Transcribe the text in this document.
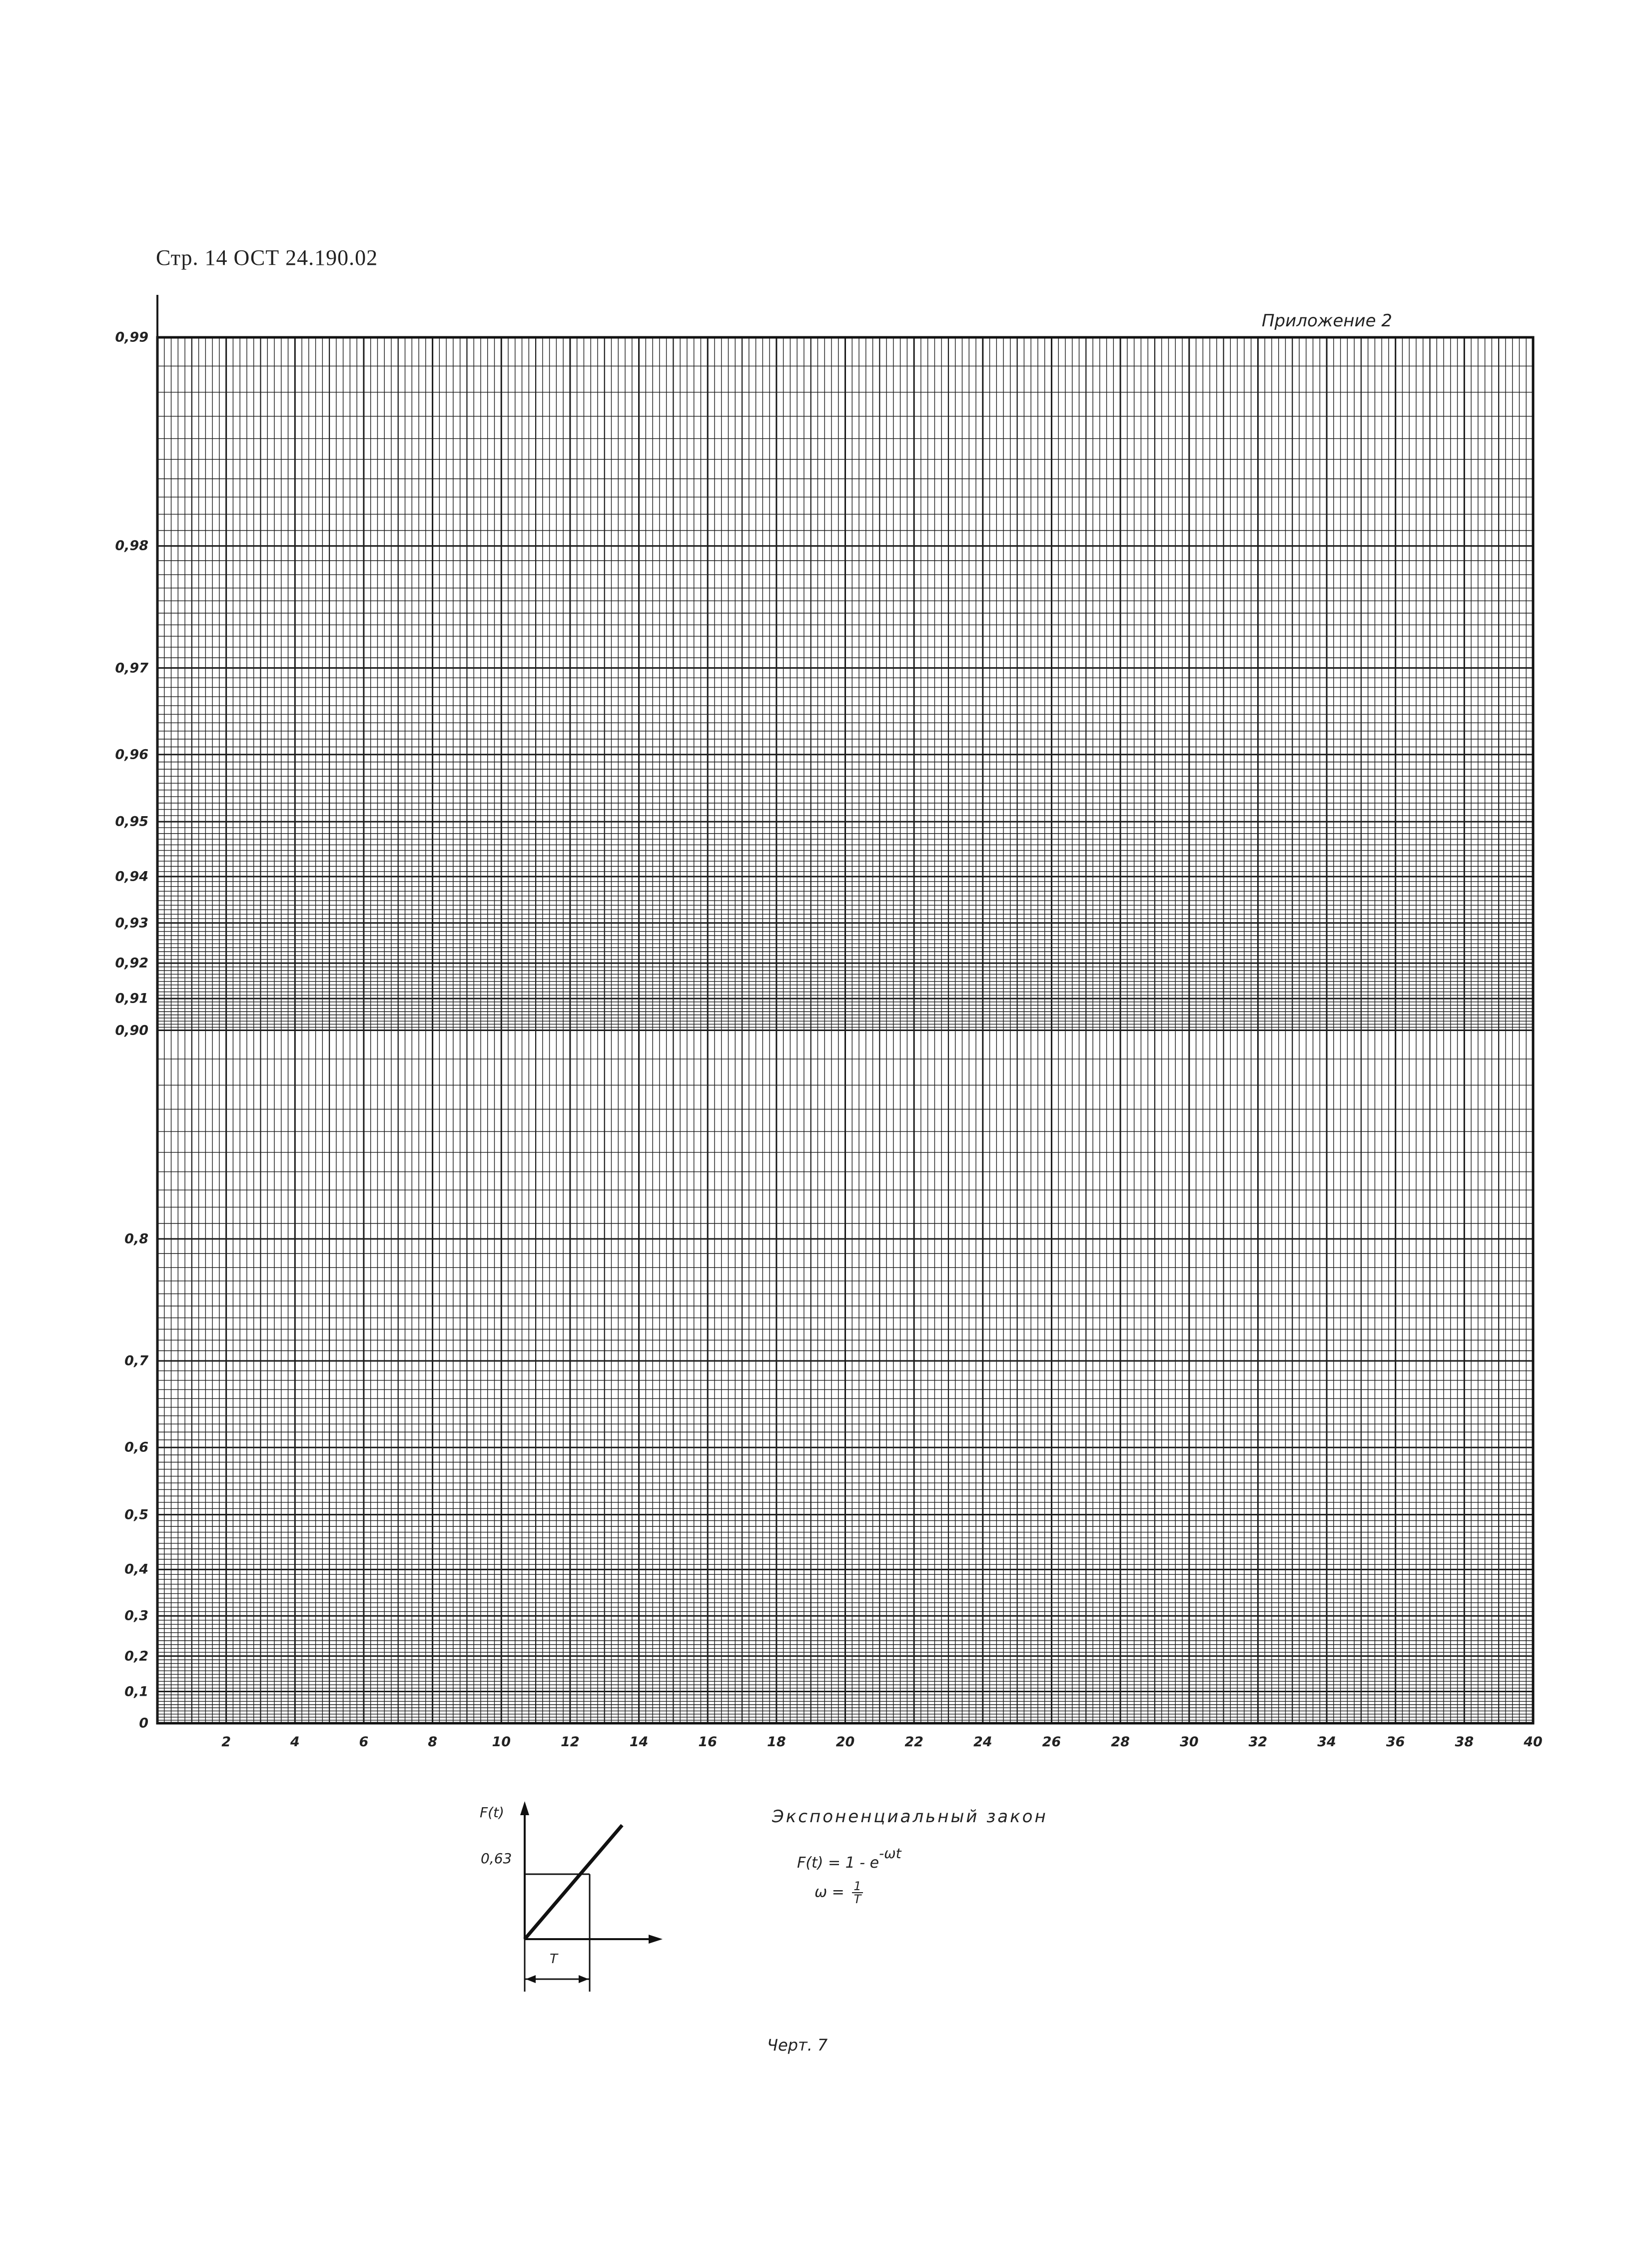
Стр. 14 ОСТ 24.190.02
Приложение 2
0
0,1
0,2
0,3
0,4
0,5
0,6
0,7
0,8
0,90
0,91
0,92
0,93
0,94
0,95
0,96
0,97
0,98
0,99
2	4	6	8	10	12	14	16	18	20	22	24	26	28	30	32	34	36	38	40
F(t)
0,63
T
Экспоненциальный закон
$F(t) = 1 - e^{-\omega t}$
$\omega = \frac{1}{T}$
Черт. 7
